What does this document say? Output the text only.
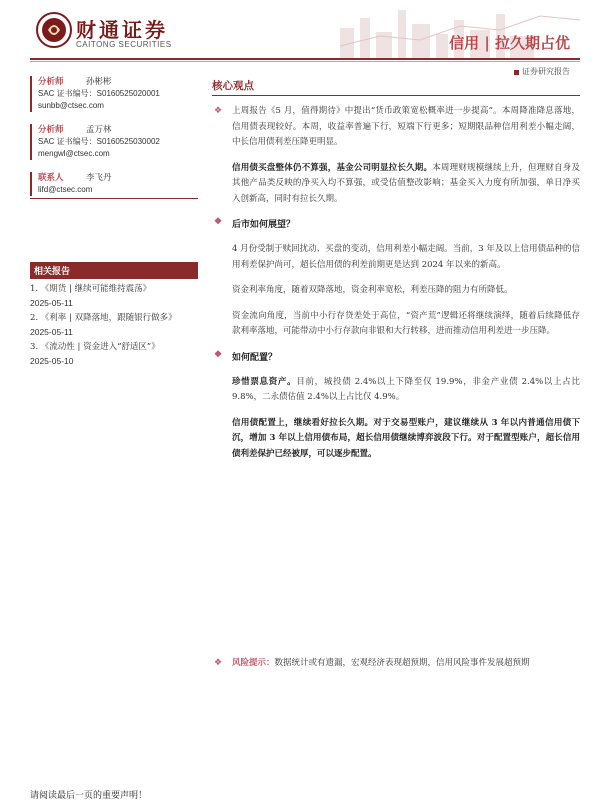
财通证券
CAITONG SECURITIES	信用 | 拉久期占优
证券研究报告
分析师	孙彬彬
SAC 证书编号：S0160525020001
sunbb@ctsec.com
分析师	孟万林
SAC 证书编号：S0160525030002
mengwl@ctsec.com
联系人	李飞丹
lifd@ctsec.com
相关报告
1. 《期货 | 继续可能维持震荡》
2025-05-11
2. 《利率 | 双降落地，跟随银行做多》
2025-05-11
3. 《流动性 | 资金进入“舒适区”》
2025-05-10
核心观点
❖ 上周报告《5 月，值得期待》中提出“货币政策宽松概率进一步提高”。本周降准降息落地，信用债表现较好。本周，收益率普遍下行，短端下行更多；短期限品种信用利差小幅走阔，中长信用债利差压降更明显。
信用债买盘整体仍不算强，基金公司明显拉长久期。本周理财规模继续上升，但理财自身及其他产品类反映的净买入均不算强，或受估值整改影响；基金买入力度有所加强，单日净买入创新高，同时有拉长久期。
❖ 后市如何展望？
4 月份受制于赎回扰动、买盘的变动，信用利差小幅走阔。当前，3 年及以上信用债品种的信用利差保护尚可，超长信用债的利差前期更是达到 2024 年以来的新高。
资金利率角度，随着双降落地，资金利率宽松，利差压降的阻力有所降低。
资金流向角度，当前中小行存贷差处于高位，“资产荒”逻辑还将继续演绎，随着后续降低存款利率落地，可能带动中小行存款向非银和大行转移，进而推动信用利差进一步压降。
❖ 如何配置？
珍惜票息资产。目前，城投债 2.4%以上下降至仅 19.9%，非金产业债 2.4%以上占比 9.8%，二永债估值 2.4%以上占比仅 4.9%。
信用债配置上，继续看好拉长久期。对于交易型账户，建议继续从 3 年以内普通信用债下沉，增加 3 年以上信用债布局，超长信用债继续博弈波段下行。对于配置型账户，超长信用债利差保护已经被厚，可以逐步配置。
❖ 风险提示：数据统计或有遗漏，宏观经济表现超预期，信用风险事件发展超预期
请阅读最后一页的重要声明！
